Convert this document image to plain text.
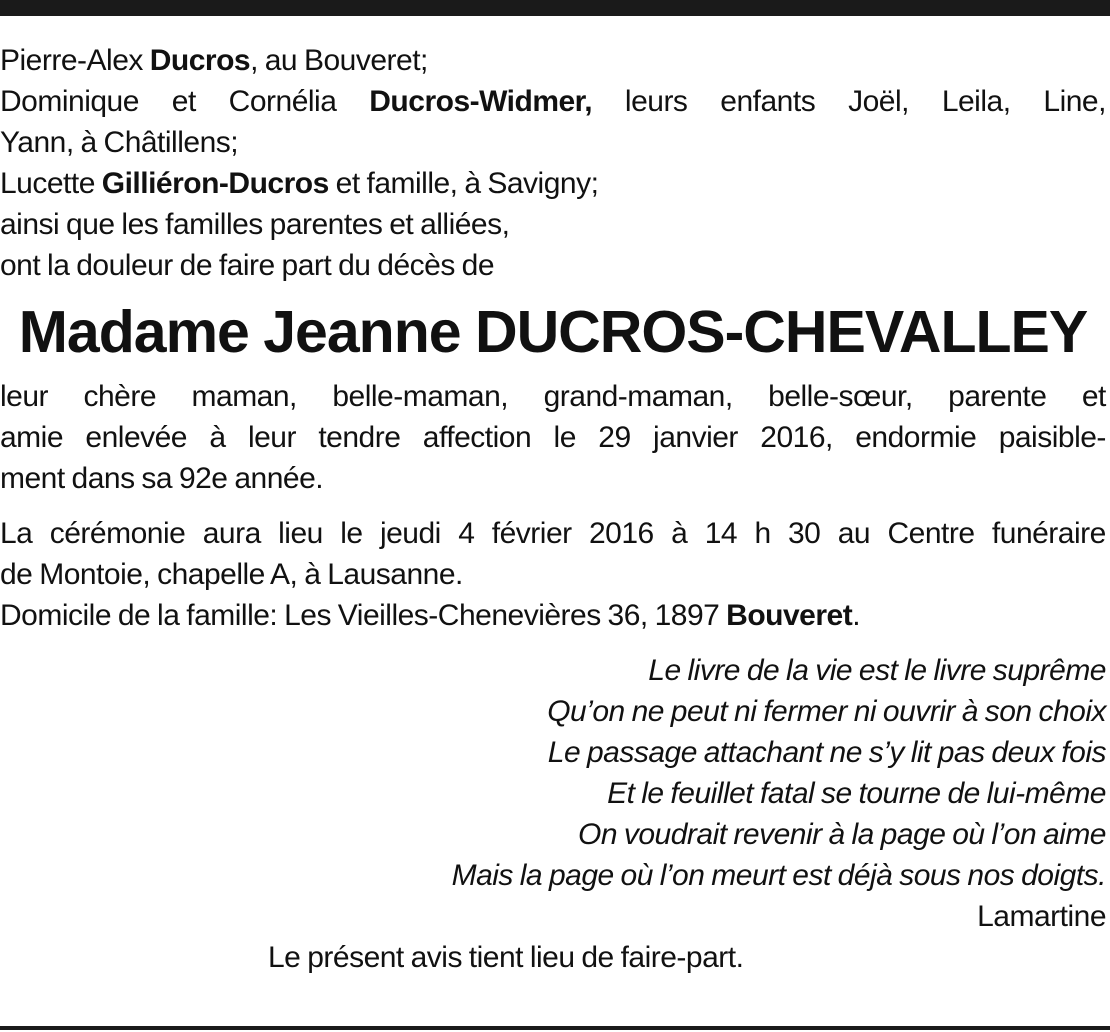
Pierre-Alex Ducros, au Bouveret;
Dominique et Cornélia Ducros-Widmer, leurs enfants Joël, Leila, Line,
Yann, à Châtillens;
Lucette Gilliéron-Ducros et famille, à Savigny;
ainsi que les familles parentes et alliées,
ont la douleur de faire part du décès de
Madame Jeanne DUCROS-CHEVALLEY
leur chère maman, belle-maman, grand-maman, belle-sœur, parente et
amie enlevée à leur tendre affection le 29 janvier 2016, endormie paisible-
ment dans sa 92e année.
La cérémonie aura lieu le jeudi 4 février 2016 à 14 h 30 au Centre funéraire
de Montoie, chapelle A, à Lausanne.
Domicile de la famille: Les Vieilles-Chenevières 36, 1897 Bouveret.
Le livre de la vie est le livre suprême
Qu’on ne peut ni fermer ni ouvrir à son choix
Le passage attachant ne s’y lit pas deux fois
Et le feuillet fatal se tourne de lui-même
On voudrait revenir à la page où l’on aime
Mais la page où l’on meurt est déjà sous nos doigts.
Lamartine
Le présent avis tient lieu de faire-part.
